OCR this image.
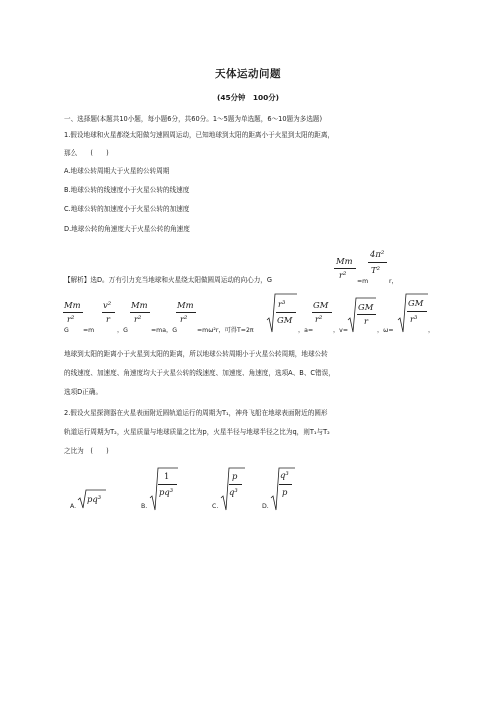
天体运动问题
(45分钟　100分)
一、选择题(本题共10小题，每小题6分，共60分。1～5题为单选题，6～10题为多选题)
1.假设地球和火星都绕太阳做匀速圆周运动，已知地球到太阳的距离小于火星到太阳的距离，
那么　　(　　)
A.地球公转周期大于火星的公转周期
B.地球公转的线速度小于火星公转的线速度
C.地球公转的加速度小于火星公转的加速度
D.地球公转的角速度大于火星公转的角速度
【解析】选D。万有引力充当地球和火星绕太阳做圆周运动的向心力，G
Mm
r²
=m
4π²
T²
r，
Mm
r²
G =m
v²
r
，G
Mm
r²
=ma，G
Mm
r²
=mω²r，可得T=2π
r³
GM
，a=
GM
r²
，v=
GM
r
，ω=
GM
r³
，
地球到太阳的距离小于火星到太阳的距离，所以地球公转周期小于火星公转周期，地球公转
的线速度、加速度、角速度均大于火星公转的线速度、加速度、角速度，选项A、B、C错误，
选项D正确。
2.假设火星探测器在火星表面附近圆轨道运行的周期为T₁，神舟飞船在地球表面附近的圆形
轨道运行周期为T₂，火星质量与地球质量之比为p，火星半径与地球半径之比为q，则T₁与T₂
之比为　(　　)
A.
pq³
B.
1
pq³
C.
p
q³
D.
q³
p
